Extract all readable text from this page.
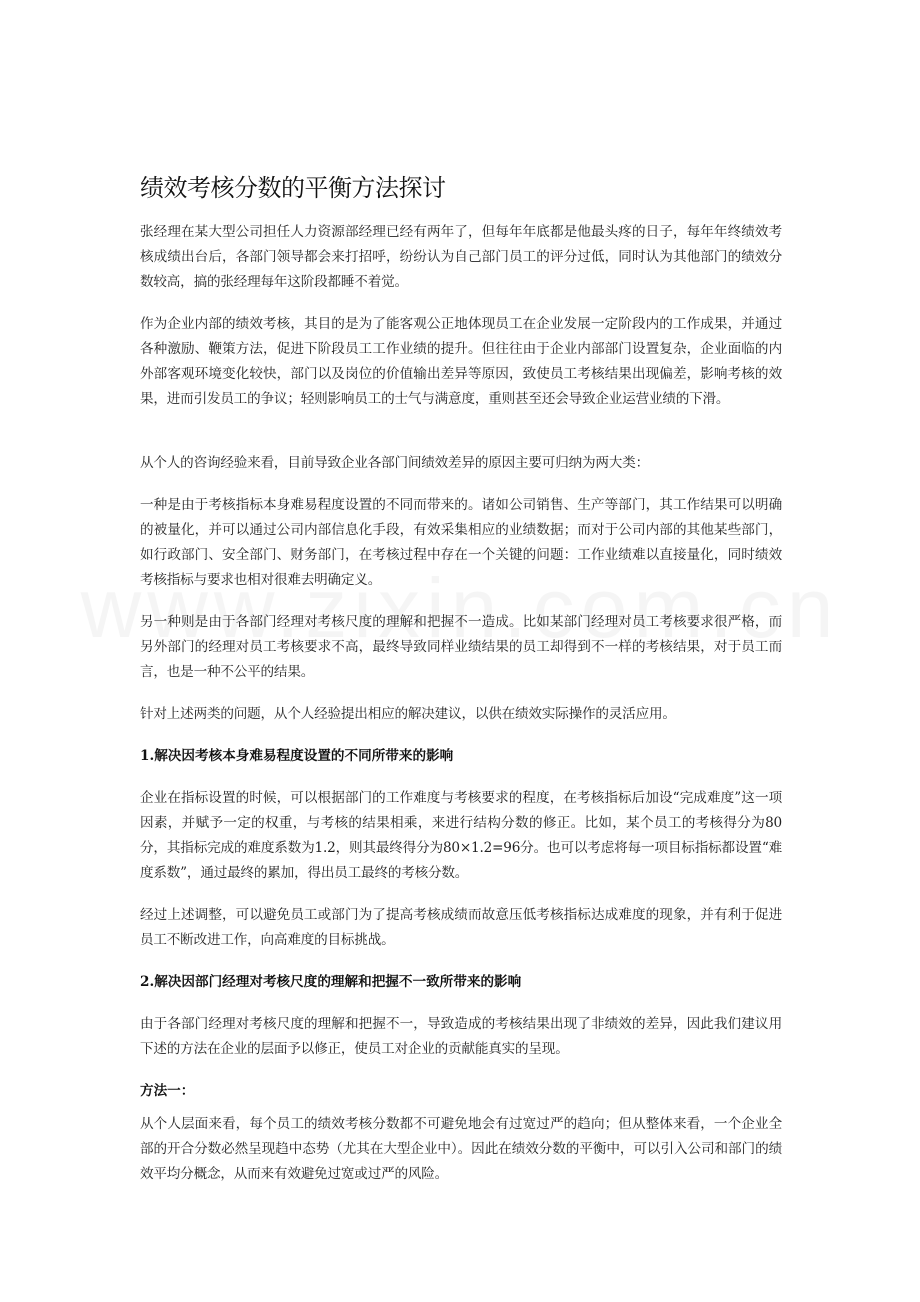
绩效考核分数的平衡方法探讨

张经理在某大型公司担任人力资源部经理已经有两年了，但每年年底都是他最头疼的日子，每年年终绩效考核成绩出台后，各部门领导都会来打招呼，纷纷认为自己部门员工的评分过低，同时认为其他部门的绩效分数较高，搞的张经理每年这阶段都睡不着觉。

作为企业内部的绩效考核，其目的是为了能客观公正地体现员工在企业发展一定阶段内的工作成果，并通过各种激励、鞭策方法，促进下阶段员工工作业绩的提升。但往往由于企业内部部门设置复杂，企业面临的内外部客观环境变化较快，部门以及岗位的价值输出差异等原因，致使员工考核结果出现偏差，影响考核的效果，进而引发员工的争议；轻则影响员工的士气与满意度，重则甚至还会导致企业运营业绩的下滑。

从个人的咨询经验来看，目前导致企业各部门间绩效差异的原因主要可归纳为两大类：

一种是由于考核指标本身难易程度设置的不同而带来的。诸如公司销售、生产等部门，其工作结果可以明确的被量化，并可以通过公司内部信息化手段，有效采集相应的业绩数据；而对于公司内部的其他某些部门，如行政部门、安全部门、财务部门，在考核过程中存在一个关键的问题：工作业绩难以直接量化，同时绩效考核指标与要求也相对很难去明确定义。

另一种则是由于各部门经理对考核尺度的理解和把握不一造成。比如某部门经理对员工考核要求很严格，而另外部门的经理对员工考核要求不高，最终导致同样业绩结果的员工却得到不一样的考核结果，对于员工而言，也是一种不公平的结果。

针对上述两类的问题，从个人经验提出相应的解决建议，以供在绩效实际操作的灵活应用。

1.解决因考核本身难易程度设置的不同所带来的影响

企业在指标设置的时候，可以根据部门的工作难度与考核要求的程度，在考核指标后加设“完成难度”这一项因素，并赋予一定的权重，与考核的结果相乘，来进行结构分数的修正。比如，某个员工的考核得分为80分，其指标完成的难度系数为1.2，则其最终得分为80×1.2=96分。也可以考虑将每一项目标指标都设置“难度系数”，通过最终的累加，得出员工最终的考核分数。

经过上述调整，可以避免员工或部门为了提高考核成绩而故意压低考核指标达成难度的现象，并有利于促进员工不断改进工作，向高难度的目标挑战。

2.解决因部门经理对考核尺度的理解和把握不一致所带来的影响

由于各部门经理对考核尺度的理解和把握不一，导致造成的考核结果出现了非绩效的差异，因此我们建议用下述的方法在企业的层面予以修正，使员工对企业的贡献能真实的呈现。

方法一：

从个人层面来看，每个员工的绩效考核分数都不可避免地会有过宽过严的趋向；但从整体来看，一个企业全部的开合分数必然呈现趋中态势（尤其在大型企业中）。因此在绩效分数的平衡中，可以引入公司和部门的绩效平均分概念，从而来有效避免过宽或过严的风险。
